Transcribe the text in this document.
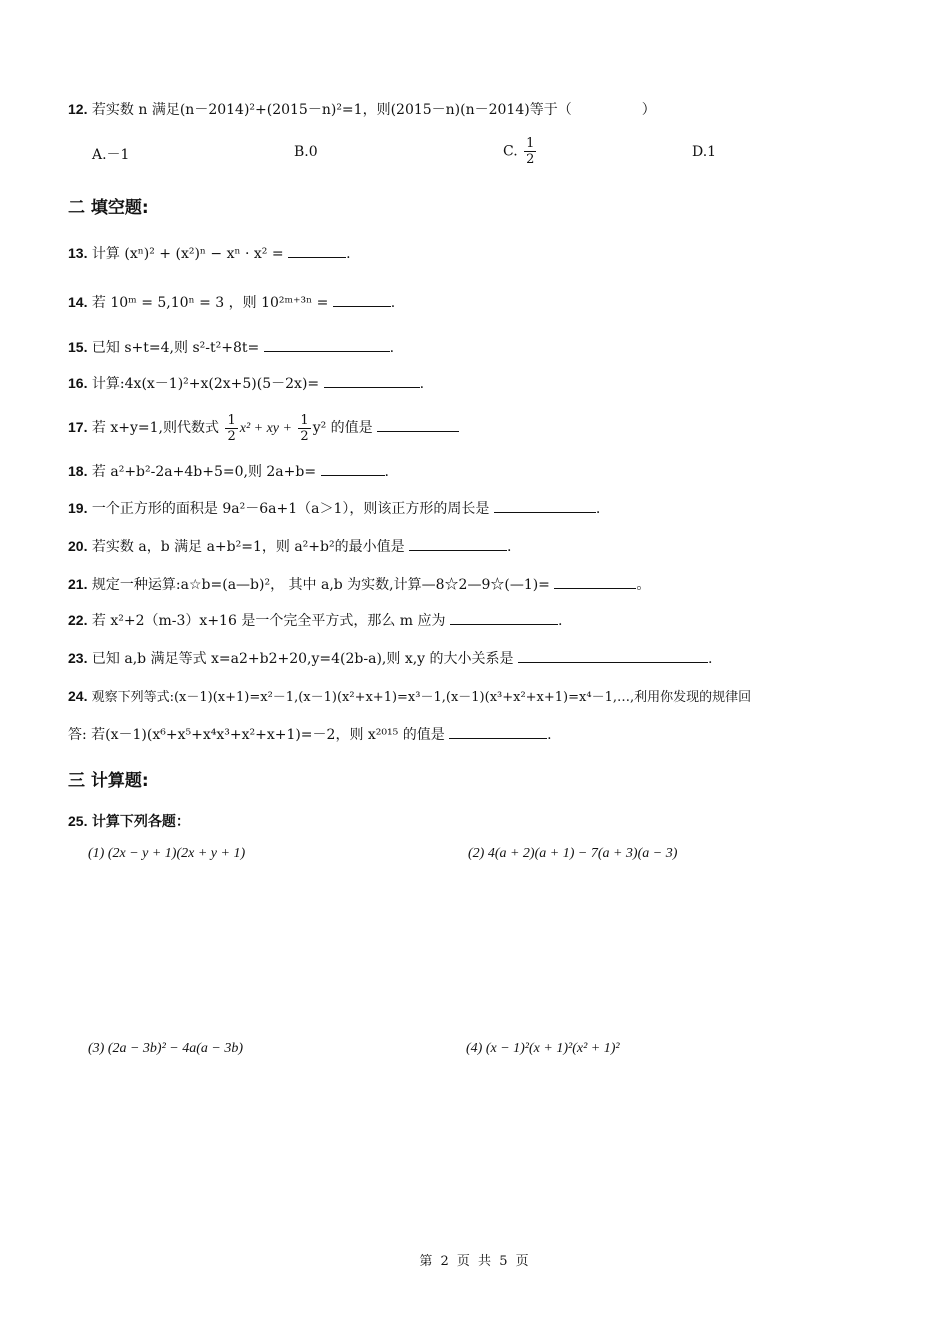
12. 若实数 n 满足(n－2014)²+(2015－n)²=1，则(2015－n)(n－2014)等于（　　　　　）
A.－1	B.0	C. $\frac{1}{2}$	D.1
二 填空题:
13. 计算 (xⁿ)² + (x²)ⁿ − xⁿ · x² =	.
14. 若 10ᵐ = 5,10ⁿ = 3 ，则 10²ᵐ⁺³ⁿ =	.
15. 已知 s+t=4,则 s²-t²+8t=	.
16. 计算:4x(x－1)²+x(2x+5)(5－2x)=	.
17. 若 x+y=1,则代数式 $\frac{1}{2} x^2$ + xy + $\frac{1}{2} y^2$ 的值是
18. 若 a²+b²-2a+4b+5=0,则 2a+b=	.
19. 一个正方形的面积是 9a²－6a+1（a＞1），则该正方形的周长是	.
20. 若实数 a，b 满足 a+b²=1，则 a²+b²的最小值是	.
21. 规定一种运算:a☆b=(a—b)²， 其中 a,b 为实数,计算—8☆2—9☆(—1)=	。
22. 若 x²+2（m-3）x+16 是一个完全平方式，那么 m 应为	.
23. 已知 a,b 满足等式 x=a2+b2+20,y=4(2b-a),则 x,y 的大小关系是	.
24. 观察下列等式:(x－1)(x+1)=x²－1,(x－1)(x²+x+1)=x³－1,(x－1)(x³+x²+x+1)=x⁴－1,…,利用你发现的规律回
答: 若(x－1)(x⁶+x⁵+x⁴x³+x²+x+1)=－2，则 x²⁰¹⁵ 的值是	.
三 计算题:
25. 计算下列各题：
(1) (2x − y + 1)(2x + y + 1)	(2) 4(a + 2)(a + 1) − 7(a + 3)(a − 3)
(3) (2a − 3b)² − 4a(a − 3b)	(4) (x − 1)²(x + 1)²(x² + 1)²
第 2 页 共 5 页
